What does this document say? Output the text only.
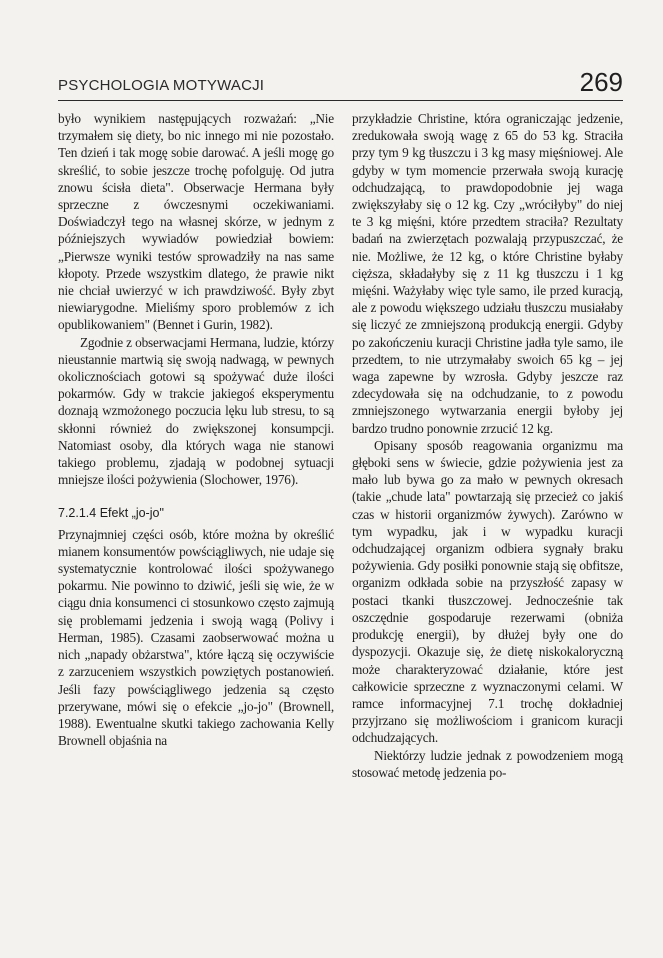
PSYCHOLOGIA MOTYWACJI	269

było wynikiem następujących rozważań: „Nie trzymałem się diety, bo nic innego mi nie pozostało. Ten dzień i tak mogę sobie darować. A jeśli mogę go skreślić, to sobie jeszcze trochę pofolguję. Od jutra znowu ścisła dieta". Obserwacje Hermana były sprzeczne z ówczesnymi oczekiwaniami. Doświadczył tego na własnej skórze, w jednym z późniejszych wywiadów powiedział bowiem: „Pierwsze wyniki testów sprowadziły na nas same kłopoty. Przede wszystkim dlatego, że prawie nikt nie chciał uwierzyć w ich prawdziwość. Były zbyt niewiarygodne. Mieliśmy sporo problemów z ich opublikowaniem" (Bennet i Gurin, 1982).

Zgodnie z obserwacjami Hermana, ludzie, którzy nieustannie martwią się swoją nadwagą, w pewnych okolicznościach gotowi są spożywać duże ilości pokarmów. Gdy w trakcie jakiegoś eksperymentu doznają wzmożonego poczucia lęku lub stresu, to są skłonni również do zwiększonej konsumpcji. Natomiast osoby, dla których waga nie stanowi takiego problemu, zjadają w podobnej sytuacji mniejsze ilości pożywienia (Slochower, 1976).

7.2.1.4 Efekt „jo-jo"

Przynajmniej części osób, które można by określić mianem konsumentów powściągliwych, nie udaje się systematycznie kontrolować ilości spożywanego pokarmu. Nie powinno to dziwić, jeśli się wie, że w ciągu dnia konsumenci ci stosunkowo często zajmują się problemami jedzenia i swoją wagą (Polivy i Herman, 1985). Czasami zaobserwować można u nich „napady obżarstwa", które łączą się oczywiście z zarzuceniem wszystkich powziętych postanowień. Jeśli fazy powściągliwego jedzenia są często przerywane, mówi się o efekcie „jo-jo" (Brownell, 1988). Ewentualne skutki takiego zachowania Kelly Brownell objaśnia na

przykładzie Christine, która ograniczając jedzenie, zredukowała swoją wagę z 65 do 53 kg. Straciła przy tym 9 kg tłuszczu i 3 kg masy mięśniowej. Ale gdyby w tym momencie przerwała swoją kurację odchudzającą, to prawdopodobnie jej waga zwiększyłaby się o 12 kg. Czy „wróciłyby" do niej te 3 kg mięśni, które przedtem straciła? Rezultaty badań na zwierzętach pozwalają przypuszczać, że nie. Możliwe, że 12 kg, o które Christine byłaby cięższa, składałyby się z 11 kg tłuszczu i 1 kg mięśni. Ważyłaby więc tyle samo, ile przed kuracją, ale z powodu większego udziału tłuszczu musiałaby się liczyć ze zmniejszoną produkcją energii. Gdyby po zakończeniu kuracji Christine jadła tyle samo, ile przedtem, to nie utrzymałaby swoich 65 kg – jej waga zapewne by wzrosła. Gdyby jeszcze raz zdecydowała się na odchudzanie, to z powodu zmniejszonego wytwarzania energii byłoby jej bardzo trudno ponownie zrzucić 12 kg.

Opisany sposób reagowania organizmu ma głęboki sens w świecie, gdzie pożywienia jest za mało lub bywa go za mało w pewnych okresach (takie „chude lata" powtarzają się przecież co jakiś czas w historii organizmów żywych). Zarówno w tym wypadku, jak i w wypadku kuracji odchudzającej organizm odbiera sygnały braku pożywienia. Gdy posiłki ponownie stają się obfitsze, organizm odkłada sobie na przyszłość zapasy w postaci tkanki tłuszczowej. Jednocześnie tak oszczędnie gospodaruje rezerwami (obniża produkcję energii), by dłużej były one do dyspozycji. Okazuje się, że dietę niskokaloryczną może charakteryzować działanie, które jest całkowicie sprzeczne z wyznaczonymi celami. W ramce informacyjnej 7.1 trochę dokładniej przyjrzano się możliwościom i granicom kuracji odchudzających.

Niektórzy ludzie jednak z powodzeniem mogą stosować metodę jedzenia po-
